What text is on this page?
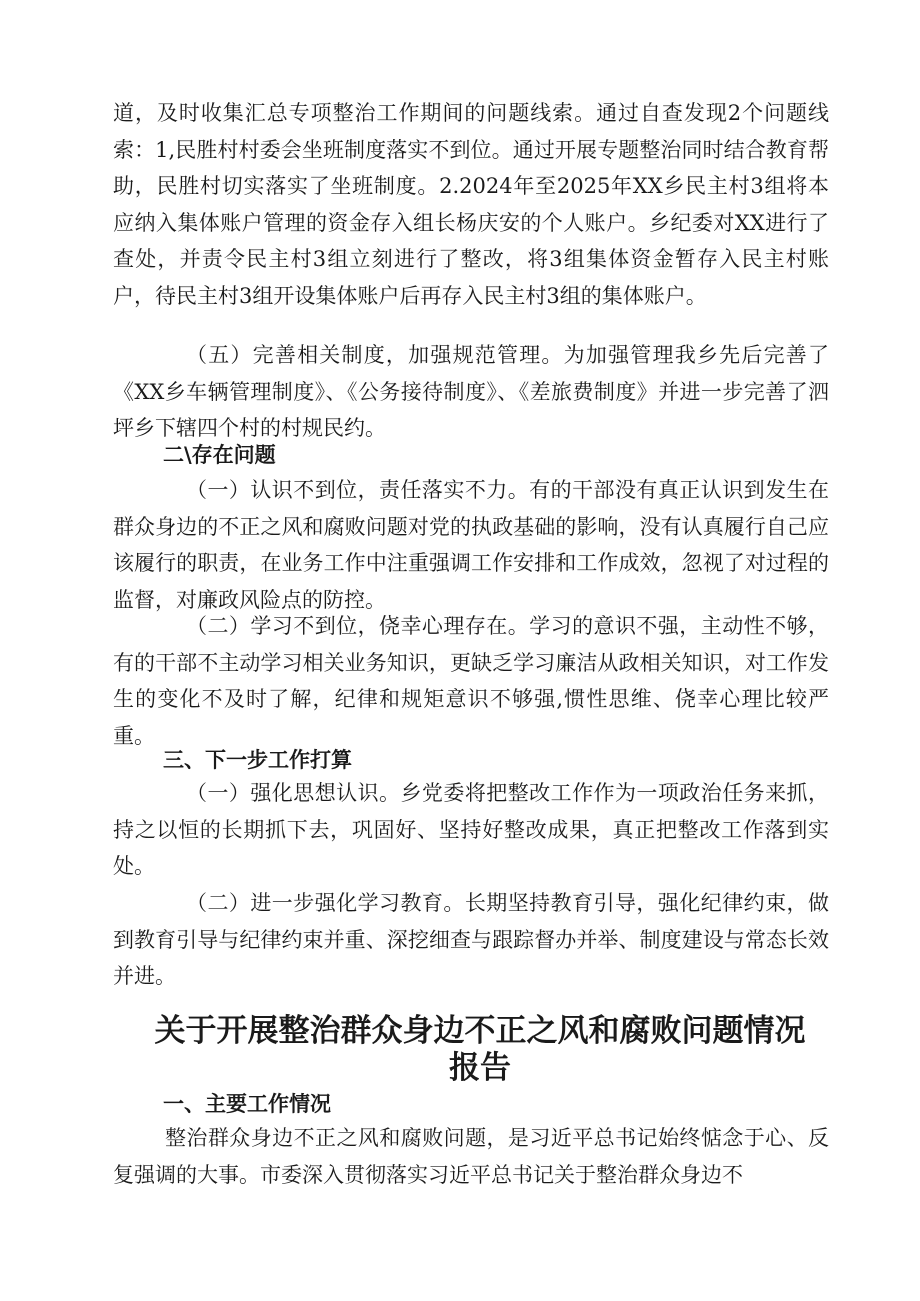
道，及时收集汇总专项整治工作期间的问题线索。通过自查发现2个问题线索：1,民胜村村委会坐班制度落实不到位。通过开展专题整治同时结合教育帮助，民胜村切实落实了坐班制度。2.2024年至2025年XX乡民主村3组将本应纳入集体账户管理的资金存入组长杨庆安的个人账户。乡纪委对XX进行了查处，并责令民主村3组立刻进行了整改，将3组集体资金暂存入民主村账户，待民主村3组开设集体账户后再存入民主村3组的集体账户。

（五）完善相关制度，加强规范管理。为加强管理我乡先后完善了《XX乡车辆管理制度》、《公务接待制度》、《差旅费制度》并进一步完善了泗坪乡下辖四个村的村规民约。

二\存在问题

（一）认识不到位，责任落实不力。有的干部没有真正认识到发生在群众身边的不正之风和腐败问题对党的执政基础的影响，没有认真履行自己应该履行的职责，在业务工作中注重强调工作安排和工作成效，忽视了对过程的监督，对廉政风险点的防控。

（二）学习不到位，侥幸心理存在。学习的意识不强，主动性不够，有的干部不主动学习相关业务知识，更缺乏学习廉洁从政相关知识，对工作发生的变化不及时了解，纪律和规矩意识不够强,惯性思维、侥幸心理比较严重。

三、下一步工作打算

（一）强化思想认识。乡党委将把整改工作作为一项政治任务来抓，持之以恒的长期抓下去，巩固好、坚持好整改成果，真正把整改工作落到实处。

（二）进一步强化学习教育。长期坚持教育引导，强化纪律约束，做到教育引导与纪律约束并重、深挖细查与跟踪督办并举、制度建设与常态长效并进。

关于开展整治群众身边不正之风和腐败问题情况
报告
一、主要工作情况

整治群众身边不正之风和腐败问题，是习近平总书记始终惦念于心、反复强调的大事。市委深入贯彻落实习近平总书记关于整治群众身边不
